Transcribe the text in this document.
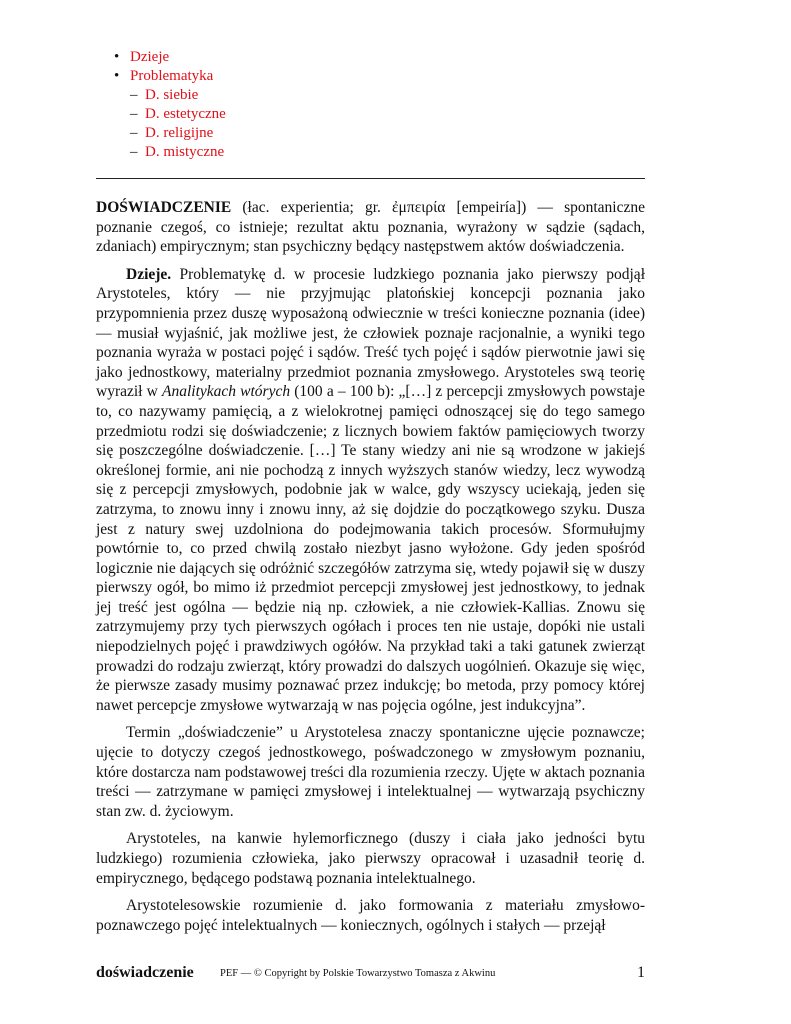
• Dzieje
• Problematyka
– D. siebie
– D. estetyczne
– D. religijne
– D. mistyczne

DOŚWIADCZENIE (łac. experientia; gr. ἐμπειρία [empeiría]) — spontaniczne poznanie czegoś, co istnieje; rezultat aktu poznania, wyrażony w sądzie (sądach, zdaniach) empirycznym; stan psychiczny będący następstwem aktów doświadczenia.

Dzieje. Problematykę d. w procesie ludzkiego poznania jako pierwszy podjął Arystoteles, który — nie przyjmując platońskiej koncepcji poznania jako przypomnienia przez duszę wyposażoną odwiecznie w treści konieczne poznania (idee) — musiał wyjaśnić, jak możliwe jest, że człowiek poznaje racjonalnie, a wyniki tego poznania wyraża w postaci pojęć i sądów. Treść tych pojęć i sądów pierwotnie jawi się jako jednostkowy, materialny przedmiot poznania zmysłowego. Arystoteles swą teorię wyraził w Analitykach wtórych (100 a – 100 b): „[…] z percepcji zmysłowych powstaje to, co nazywamy pamięcią, a z wielokrotnej pamięci odnoszącej się do tego samego przedmiotu rodzi się doświadczenie; z licznych bowiem faktów pamięciowych tworzy się poszczególne doświadczenie. […] Te stany wiedzy ani nie są wrodzone w jakiejś określonej formie, ani nie pochodzą z innych wyższych stanów wiedzy, lecz wywodzą się z percepcji zmysłowych, podobnie jak w walce, gdy wszyscy uciekają, jeden się zatrzyma, to znowu inny i znowu inny, aż się dojdzie do początkowego szyku. Dusza jest z natury swej uzdolniona do podejmowania takich procesów. Sformułujmy powtórnie to, co przed chwilą zostało niezbyt jasno wyłożone. Gdy jeden spośród logicznie nie dających się odróżnić szczegółów zatrzyma się, wtedy pojawił się w duszy pierwszy ogół, bo mimo iż przedmiot percepcji zmysłowej jest jednostkowy, to jednak jej treść jest ogólna — będzie nią np. człowiek, a nie człowiek-Kallias. Znowu się zatrzymujemy przy tych pierwszych ogółach i proces ten nie ustaje, dopóki nie ustali niepodzielnych pojęć i prawdziwych ogółów. Na przykład taki a taki gatunek zwierząt prowadzi do rodzaju zwierząt, który prowadzi do dalszych uogólnień. Okazuje się więc, że pierwsze zasady musimy poznawać przez indukcję; bo metoda, przy pomocy której nawet percepcje zmysłowe wytwarzają w nas pojęcia ogólne, jest indukcyjna”.

Termin „doświadczenie” u Arystotelesa znaczy spontaniczne ujęcie poznawcze; ujęcie to dotyczy czegoś jednostkowego, pośwadczonego w zmysłowym poznaniu, które dostarcza nam podstawowej treści dla rozumienia rzeczy. Ujęte w aktach poznania treści — zatrzymane w pamięci zmysłowej i intelektualnej — wytwarzają psychiczny stan zw. d. życiowym.

Arystoteles, na kanwie hylemorficznego (duszy i ciała jako jedności bytu ludzkiego) rozumienia człowieka, jako pierwszy opracował i uzasadnił teorię d. empirycznego, będącego podstawą poznania intelektualnego.

Arystotelesowskie rozumienie d. jako formowania z materiału zmysłowopoznawczego pojęć intelektualnych — koniecznych, ogólnych i stałych — przejął

doświadczenie PEF — © Copyright by Polskie Towarzystwo Tomasza z Akwinu	1
